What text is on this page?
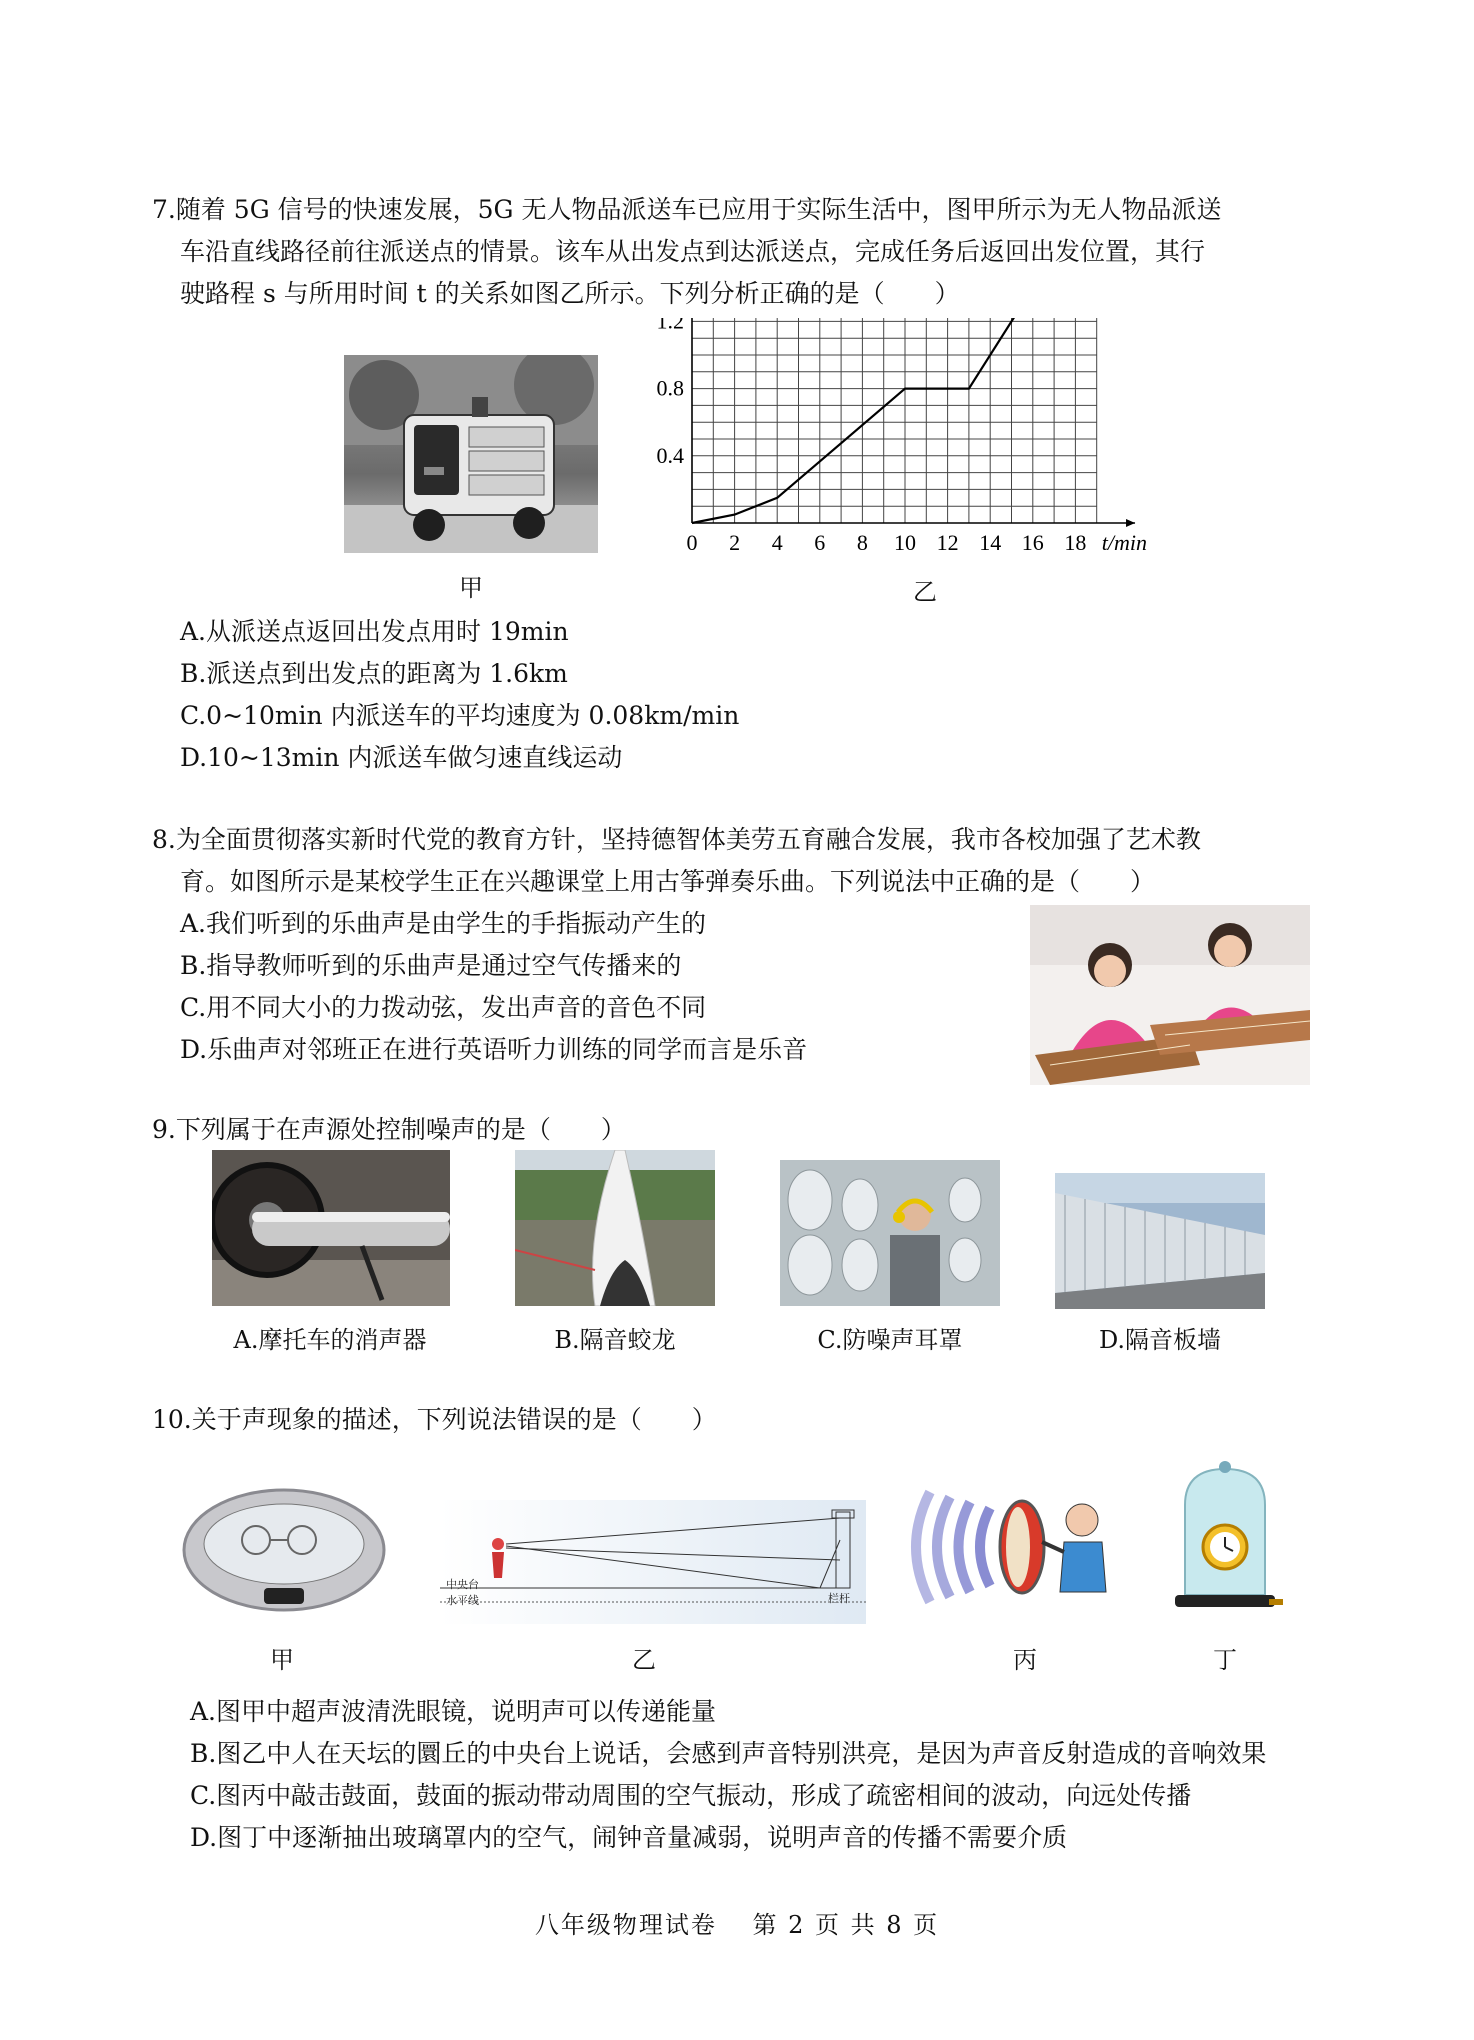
7.随着 5G 信号的快速发展，5G 无人物品派送车已应用于实际生活中，图甲所示为无人物品派送
车沿直线路径前往派送点的情景。该车从出发点到达派送点，完成任务后返回出发位置，其行
驶路程 s 与所用时间 t 的关系如图乙所示。下列分析正确的是（　　）
甲
0 2 4 6 8 10 12 14 16 18
0.4
0.8
1.2
t/min
乙
A.从派送点返回出发点用时 19min
B.派送点到出发点的距离为 1.6km
C.0~10min 内派送车的平均速度为 0.08km/min
D.10~13min 内派送车做匀速直线运动
8.为全面贯彻落实新时代党的教育方针，坚持德智体美劳五育融合发展，我市各校加强了艺术教
育。如图所示是某校学生正在兴趣课堂上用古筝弹奏乐曲。下列说法中正确的是（　　）
A.我们听到的乐曲声是由学生的手指振动产生的
B.指导教师听到的乐曲声是通过空气传播来的
C.用不同大小的力拨动弦，发出声音的音色不同
D.乐曲声对邻班正在进行英语听力训练的同学而言是乐音
9.下列属于在声源处控制噪声的是（　　）
A.摩托车的消声器	B.隔音蛟龙	C.防噪声耳罩	D.隔音板墙
10.关于声现象的描述，下列说法错误的是（　　）
中央台
水平线	栏杆
甲	乙	丙	丁
A.图甲中超声波清洗眼镜，说明声可以传递能量
B.图乙中人在天坛的圜丘的中央台上说话，会感到声音特别洪亮，是因为声音反射造成的音响效果
C.图丙中敲击鼓面，鼓面的振动带动周围的空气振动，形成了疏密相间的波动，向远处传播
D.图丁中逐渐抽出玻璃罩内的空气，闹钟音量减弱，说明声音的传播不需要介质
八年级物理试卷　 第 2 页 共 8 页
